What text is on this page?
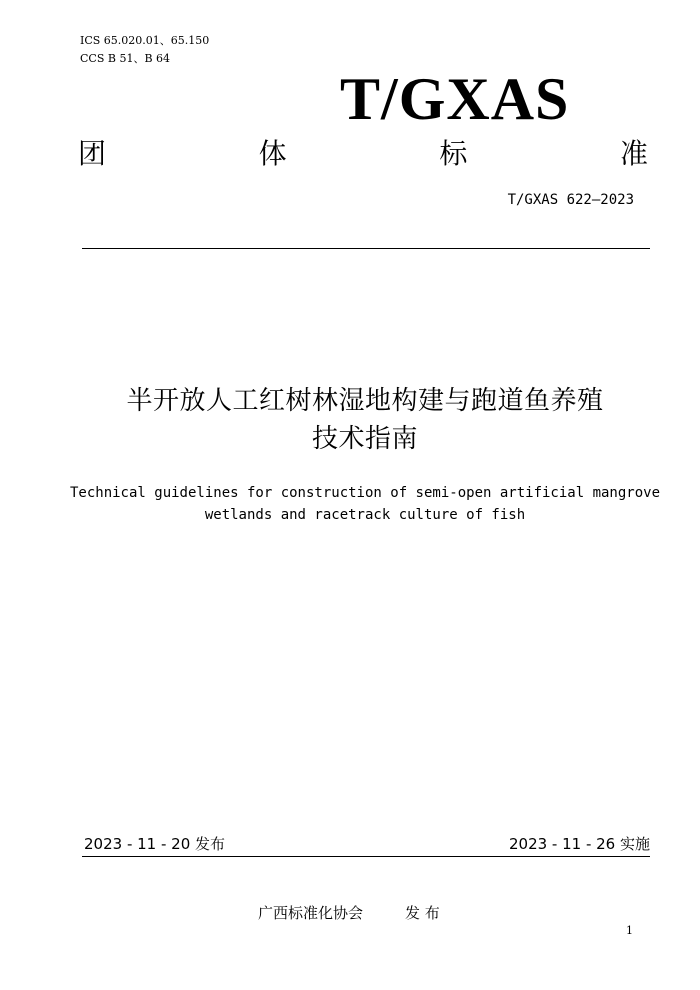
ICS 65.020.01、65.150
CCS B 51、B 64
T/GXAS
团	体	标	准
T/GXAS 622—2023
半开放人工红树林湿地构建与跑道鱼养殖
技术指南
Technical guidelines for construction of semi-open artificial mangrove
wetlands and racetrack culture of fish
2023 - 11 - 20 发布	2023 - 11 - 26 实施
广西标准化协会	发 布
1
